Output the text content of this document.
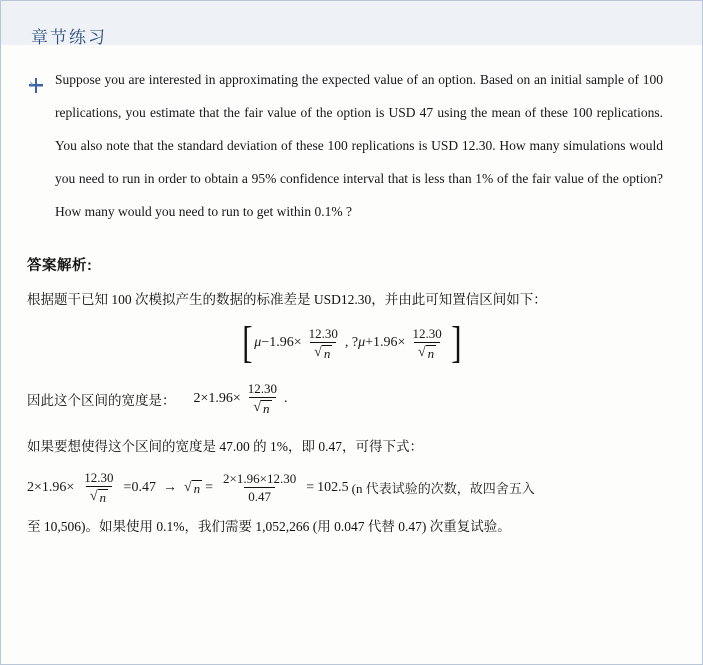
章节练习
Suppose you are interested in approximating the expected value of an option. Based on an initial sample of 100 replications, you estimate that the fair value of the option is USD 47 using the mean of these 100 replications. You also note that the standard deviation of these 100 replications is USD 12.30. How many simulations would you need to run in order to obtain a 95% confidence interval that is less than 1% of the fair value of the option? How many would you need to run to get within 0.1% ?
答案解析:
根据题干已知 100 次模拟产生的数据的标准差是 USD12.30，并由此可知置信区间如下：
[ $\mu - 1.96\times \frac{12.30}{√ n}$ , ? $\mu + 1.96\times \frac{12.30}{√ n}$ ]
因此这个区间的宽度是： $2\times 1.96\times \frac{12.30}{√ n}$ .
如果要想使得这个区间的宽度是 47.00 的 1%，即 0.47，可得下式：
$2\times 1.96\times \frac{12.30}{√ n} =0.47$ → √ $n = \frac{2\times 1.96\times 12.30}{0.47} = 102.5$ (n 代表试验的次数，故四舍五入
至 10,506)。如果使用 0.1%，我们需要 1,052,266 (用 0.047 代替 0.47) 次重复试验。
